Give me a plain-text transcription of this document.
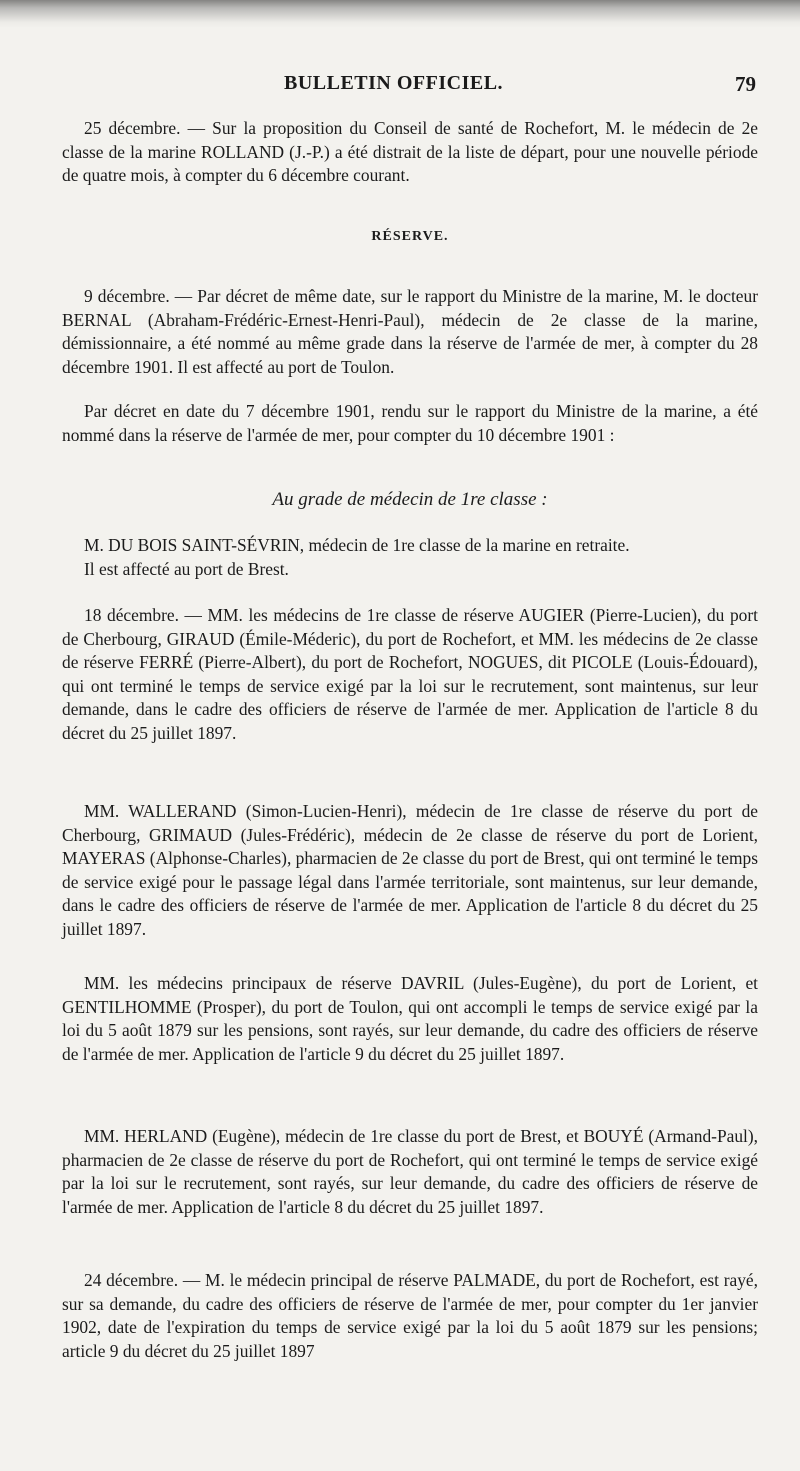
BULLETIN OFFICIEL.	79

25 décembre. — Sur la proposition du Conseil de santé de Rochefort, M. le médecin de 2e classe de la marine ROLLAND (J.-P.) a été distrait de la liste de départ, pour une nouvelle période de quatre mois, à compter du 6 décembre courant.

RÉSERVE.

9 décembre. — Par décret de même date, sur le rapport du Ministre de la marine, M. le docteur BERNAL (Abraham-Frédéric-Ernest-Henri-Paul), médecin de 2e classe de la marine, démissionnaire, a été nommé au même grade dans la réserve de l'armée de mer, à compter du 28 décembre 1901. Il est affecté au port de Toulon.

Par décret en date du 7 décembre 1901, rendu sur le rapport du Ministre de la marine, a été nommé dans la réserve de l'armée de mer, pour compter du 10 décembre 1901 :

Au grade de médecin de 1re classe :

M. DU BOIS SAINT-SÉVRIN, médecin de 1re classe de la marine en retraite.

Il est affecté au port de Brest.

18 décembre. — MM. les médecins de 1re classe de réserve AUGIER (Pierre-Lucien), du port de Cherbourg, GIRAUD (Émile-Méderic), du port de Rochefort, et MM. les médecins de 2e classe de réserve FERRÉ (Pierre-Albert), du port de Rochefort, NOGUES, dit PICOLE (Louis-Édouard), qui ont terminé le temps de service exigé par la loi sur le recrutement, sont maintenus, sur leur demande, dans le cadre des officiers de réserve de l'armée de mer. Application de l'article 8 du décret du 25 juillet 1897.

MM. WALLERAND (Simon-Lucien-Henri), médecin de 1re classe de réserve du port de Cherbourg, GRIMAUD (Jules-Frédéric), médecin de 2e classe de réserve du port de Lorient, MAYERAS (Alphonse-Charles), pharmacien de 2e classe du port de Brest, qui ont terminé le temps de service exigé pour le passage légal dans l'armée territoriale, sont maintenus, sur leur demande, dans le cadre des officiers de réserve de l'armée de mer. Application de l'article 8 du décret du 25 juillet 1897.

MM. les médecins principaux de réserve DAVRIL (Jules-Eugène), du port de Lorient, et GENTILHOMME (Prosper), du port de Toulon, qui ont accompli le temps de service exigé par la loi du 5 août 1879 sur les pensions, sont rayés, sur leur demande, du cadre des officiers de réserve de l'armée de mer. Application de l'article 9 du décret du 25 juillet 1897.

MM. HERLAND (Eugène), médecin de 1re classe du port de Brest, et BOUYÉ (Armand-Paul), pharmacien de 2e classe de réserve du port de Rochefort, qui ont terminé le temps de service exigé par la loi sur le recrutement, sont rayés, sur leur demande, du cadre des officiers de réserve de l'armée de mer. Application de l'article 8 du décret du 25 juillet 1897.

24 décembre. — M. le médecin principal de réserve PALMADE, du port de Rochefort, est rayé, sur sa demande, du cadre des officiers de réserve de l'armée de mer, pour compter du 1er janvier 1902, date de l'expiration du temps de service exigé par la loi du 5 août 1879 sur les pensions; article 9 du décret du 25 juillet 1897
